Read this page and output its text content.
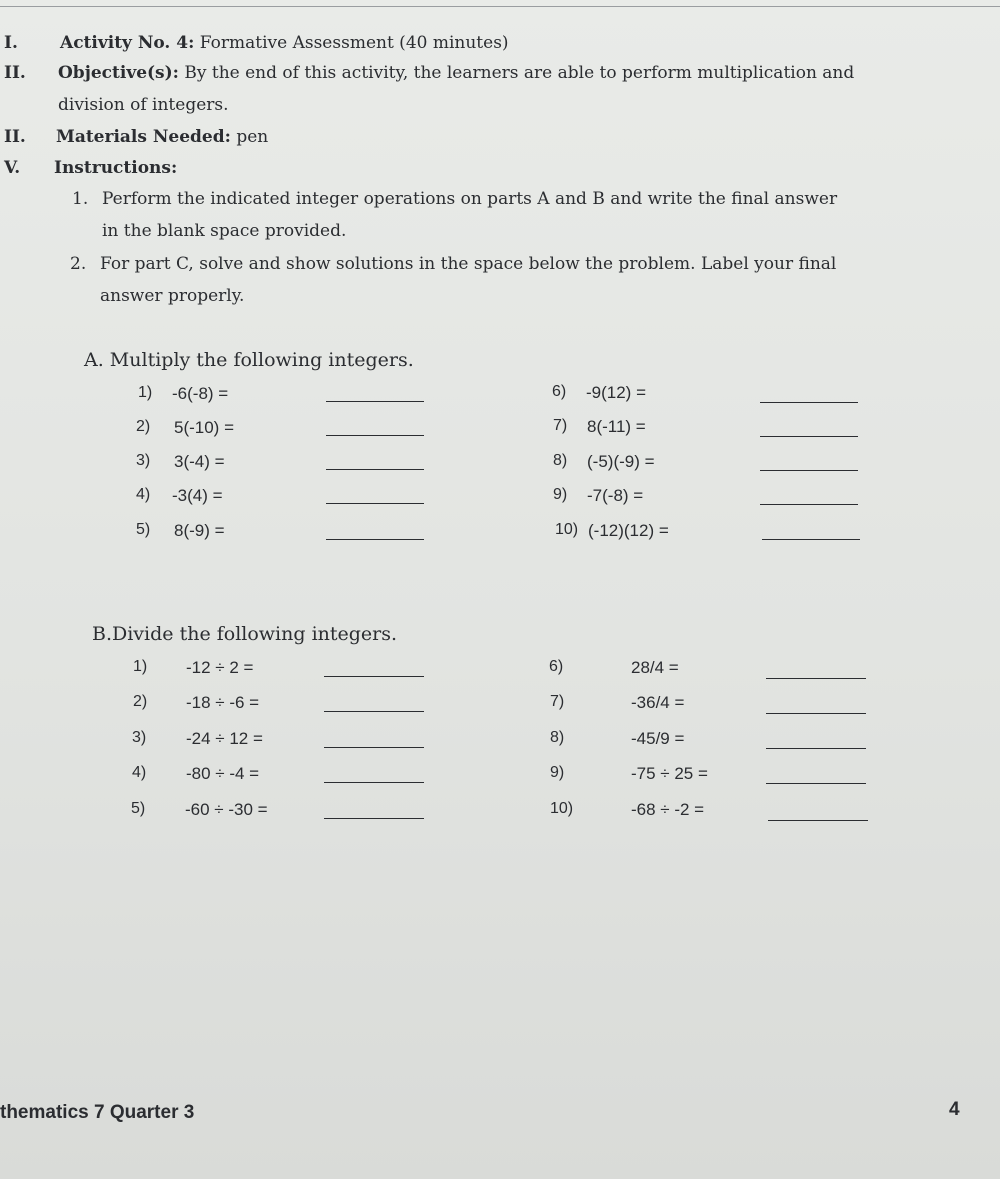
I. Activity No. 4: Formative Assessment (40 minutes)
II. Objective(s): By the end of this activity, the learners are able to perform multiplication and
division of integers.
II. Materials Needed: pen
V. Instructions:
1. Perform the indicated integer operations on parts A and B and write the final answer
in the blank space provided.
2. For part C, solve and show solutions in the space below the problem. Label your final
answer properly.
A. Multiply the following integers.
1) -6(-8) =
2) 5(-10) =
3) 3(-4) =
4) -3(4) =
5) 8(-9) =
6) -9(12) =
7) 8(-11) =
8) (-5)(-9) =
9) -7(-8) =
10) (-12)(12) =
B.Divide the following integers.
1) -12 ÷ 2 =
2) -18 ÷ -6 =
3) -24 ÷ 12 =
4) -80 ÷ -4 =
5) -60 ÷ -30 =
6)	28/4 =
7)	-36/4 =
8)	-45/9 =
9)	-75 ÷ 25 =
10)	-68 ÷ -2 =
thematics 7 Quarter 3	4
